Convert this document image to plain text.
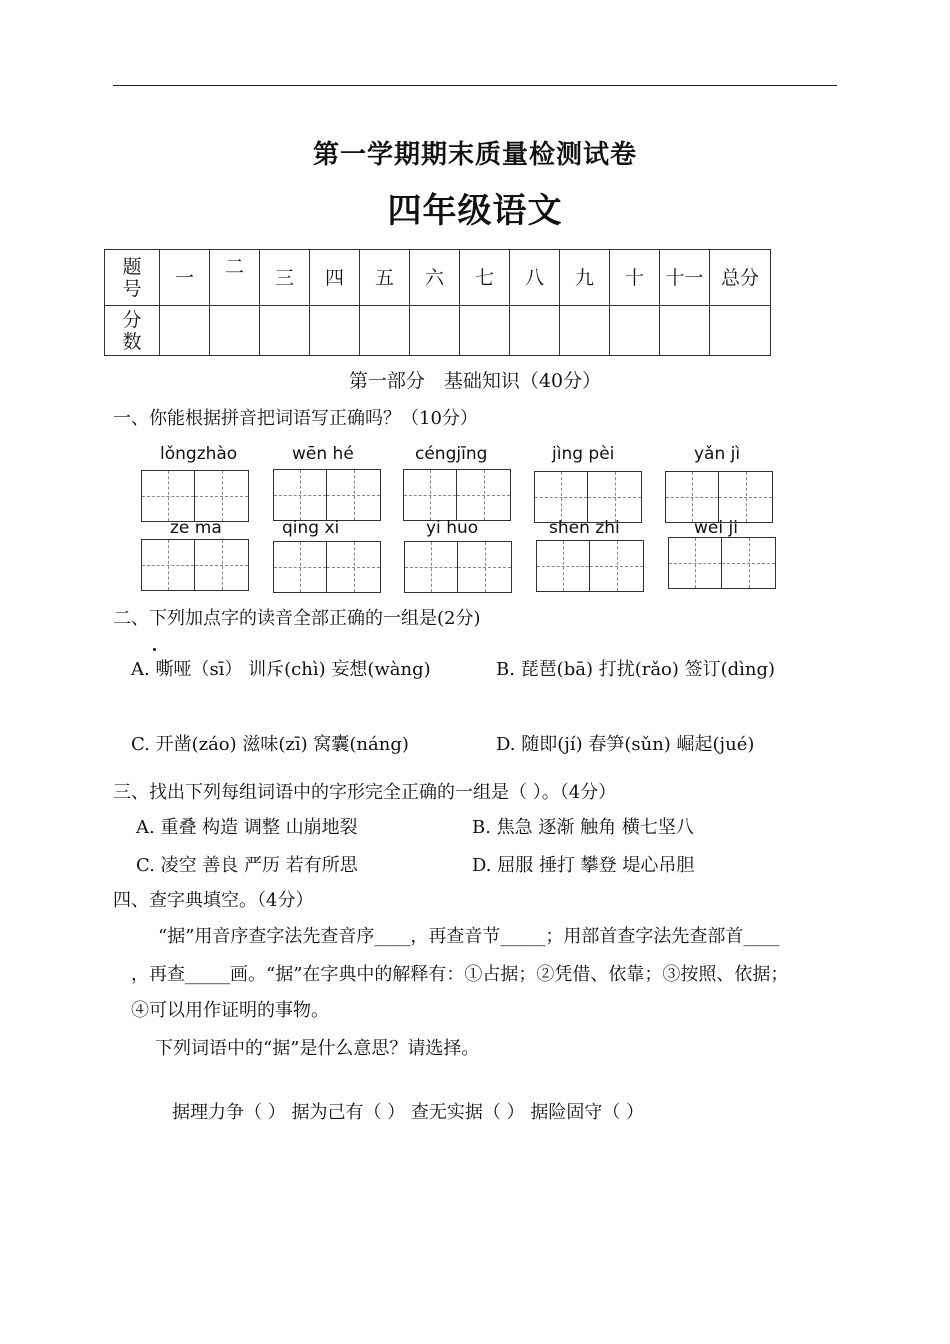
第一学期期末质量检测试卷
四年级语文
题号	一	二	三	四	五	六	七	八	九	十	十一	总分
分数												
第一部分　基础知识（40分）
一、你能根据拼音把词语写正确吗？（10分）
lǒngzhào	wēn hé	céngjīng	jìng pèi	yǎn jì
ze ma	qing xi	yi huo	shen zhi	wei ji
二、下列加点字的读音全部正确的一组是(2分)
A. 嘶哑（sī） 训斥(chì) 妄想(wàng)	B. 琵琶(bā) 打扰(rǎo) 签订(dìng)
C. 开凿(záo) 滋味(zī) 窝囊(náng)	D. 随即(jí) 春笋(sǔn) 崛起(jué)
三、找出下列每组词语中的字形完全正确的一组是（ ）。（4分）
A. 重叠 构造 调整 山崩地裂	B. 焦急 逐渐 触角 横七坚八
C. 凌空 善良 严历 若有所思	D. 屈服 捶打 攀登 堤心吊胆
四、查字典填空。（4分）
“据”用音序查字法先查音序____，再查音节_____；用部首查字法先查部首____
，再查_____画。“据”在字典中的解释有：①占据；②凭借、依靠；③按照、依据；
④可以用作证明的事物。
下列词语中的“据”是什么意思？请选择。
据理力争（ ） 据为己有（ ） 查无实据（ ） 据险固守（ ）
